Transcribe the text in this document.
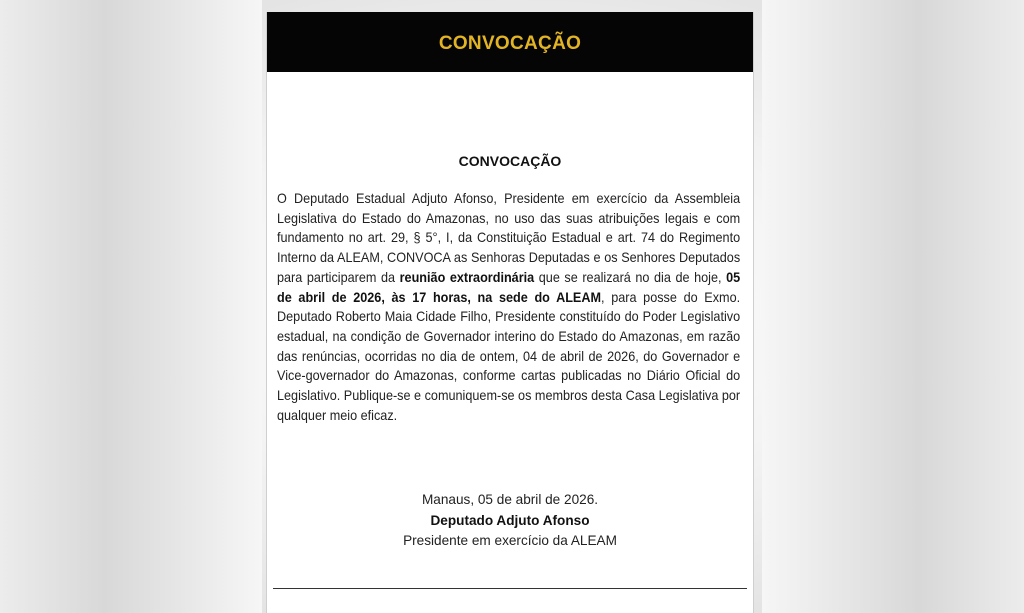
CONVOCAÇÃO
CONVOCAÇÃO
O Deputado Estadual Adjuto Afonso, Presidente em exercício da Assembleia Legislativa do Estado do Amazonas, no uso das suas atribuições legais e com fundamento no art. 29, § 5°, I, da Constituição Estadual e art. 74 do Regimento Interno da ALEAM, CONVOCA as Senhoras Deputadas e os Senhores Deputados para participarem da reunião extraordinária que se realizará no dia de hoje, 05 de abril de 2026, às 17 horas, na sede do ALEAM, para posse do Exmo. Deputado Roberto Maia Cidade Filho, Presidente constituído do Poder Legislativo estadual, na condição de Governador interino do Estado do Amazonas, em razão das renúncias, ocorridas no dia de ontem, 04 de abril de 2026, do Governador e Vice-governador do Amazonas, conforme cartas publicadas no Diário Oficial do Legislativo. Publique-se e comuniquem-se os membros desta Casa Legislativa por qualquer meio eficaz.
Manaus, 05 de abril de 2026.
Deputado Adjuto Afonso
Presidente em exercício da ALEAM
